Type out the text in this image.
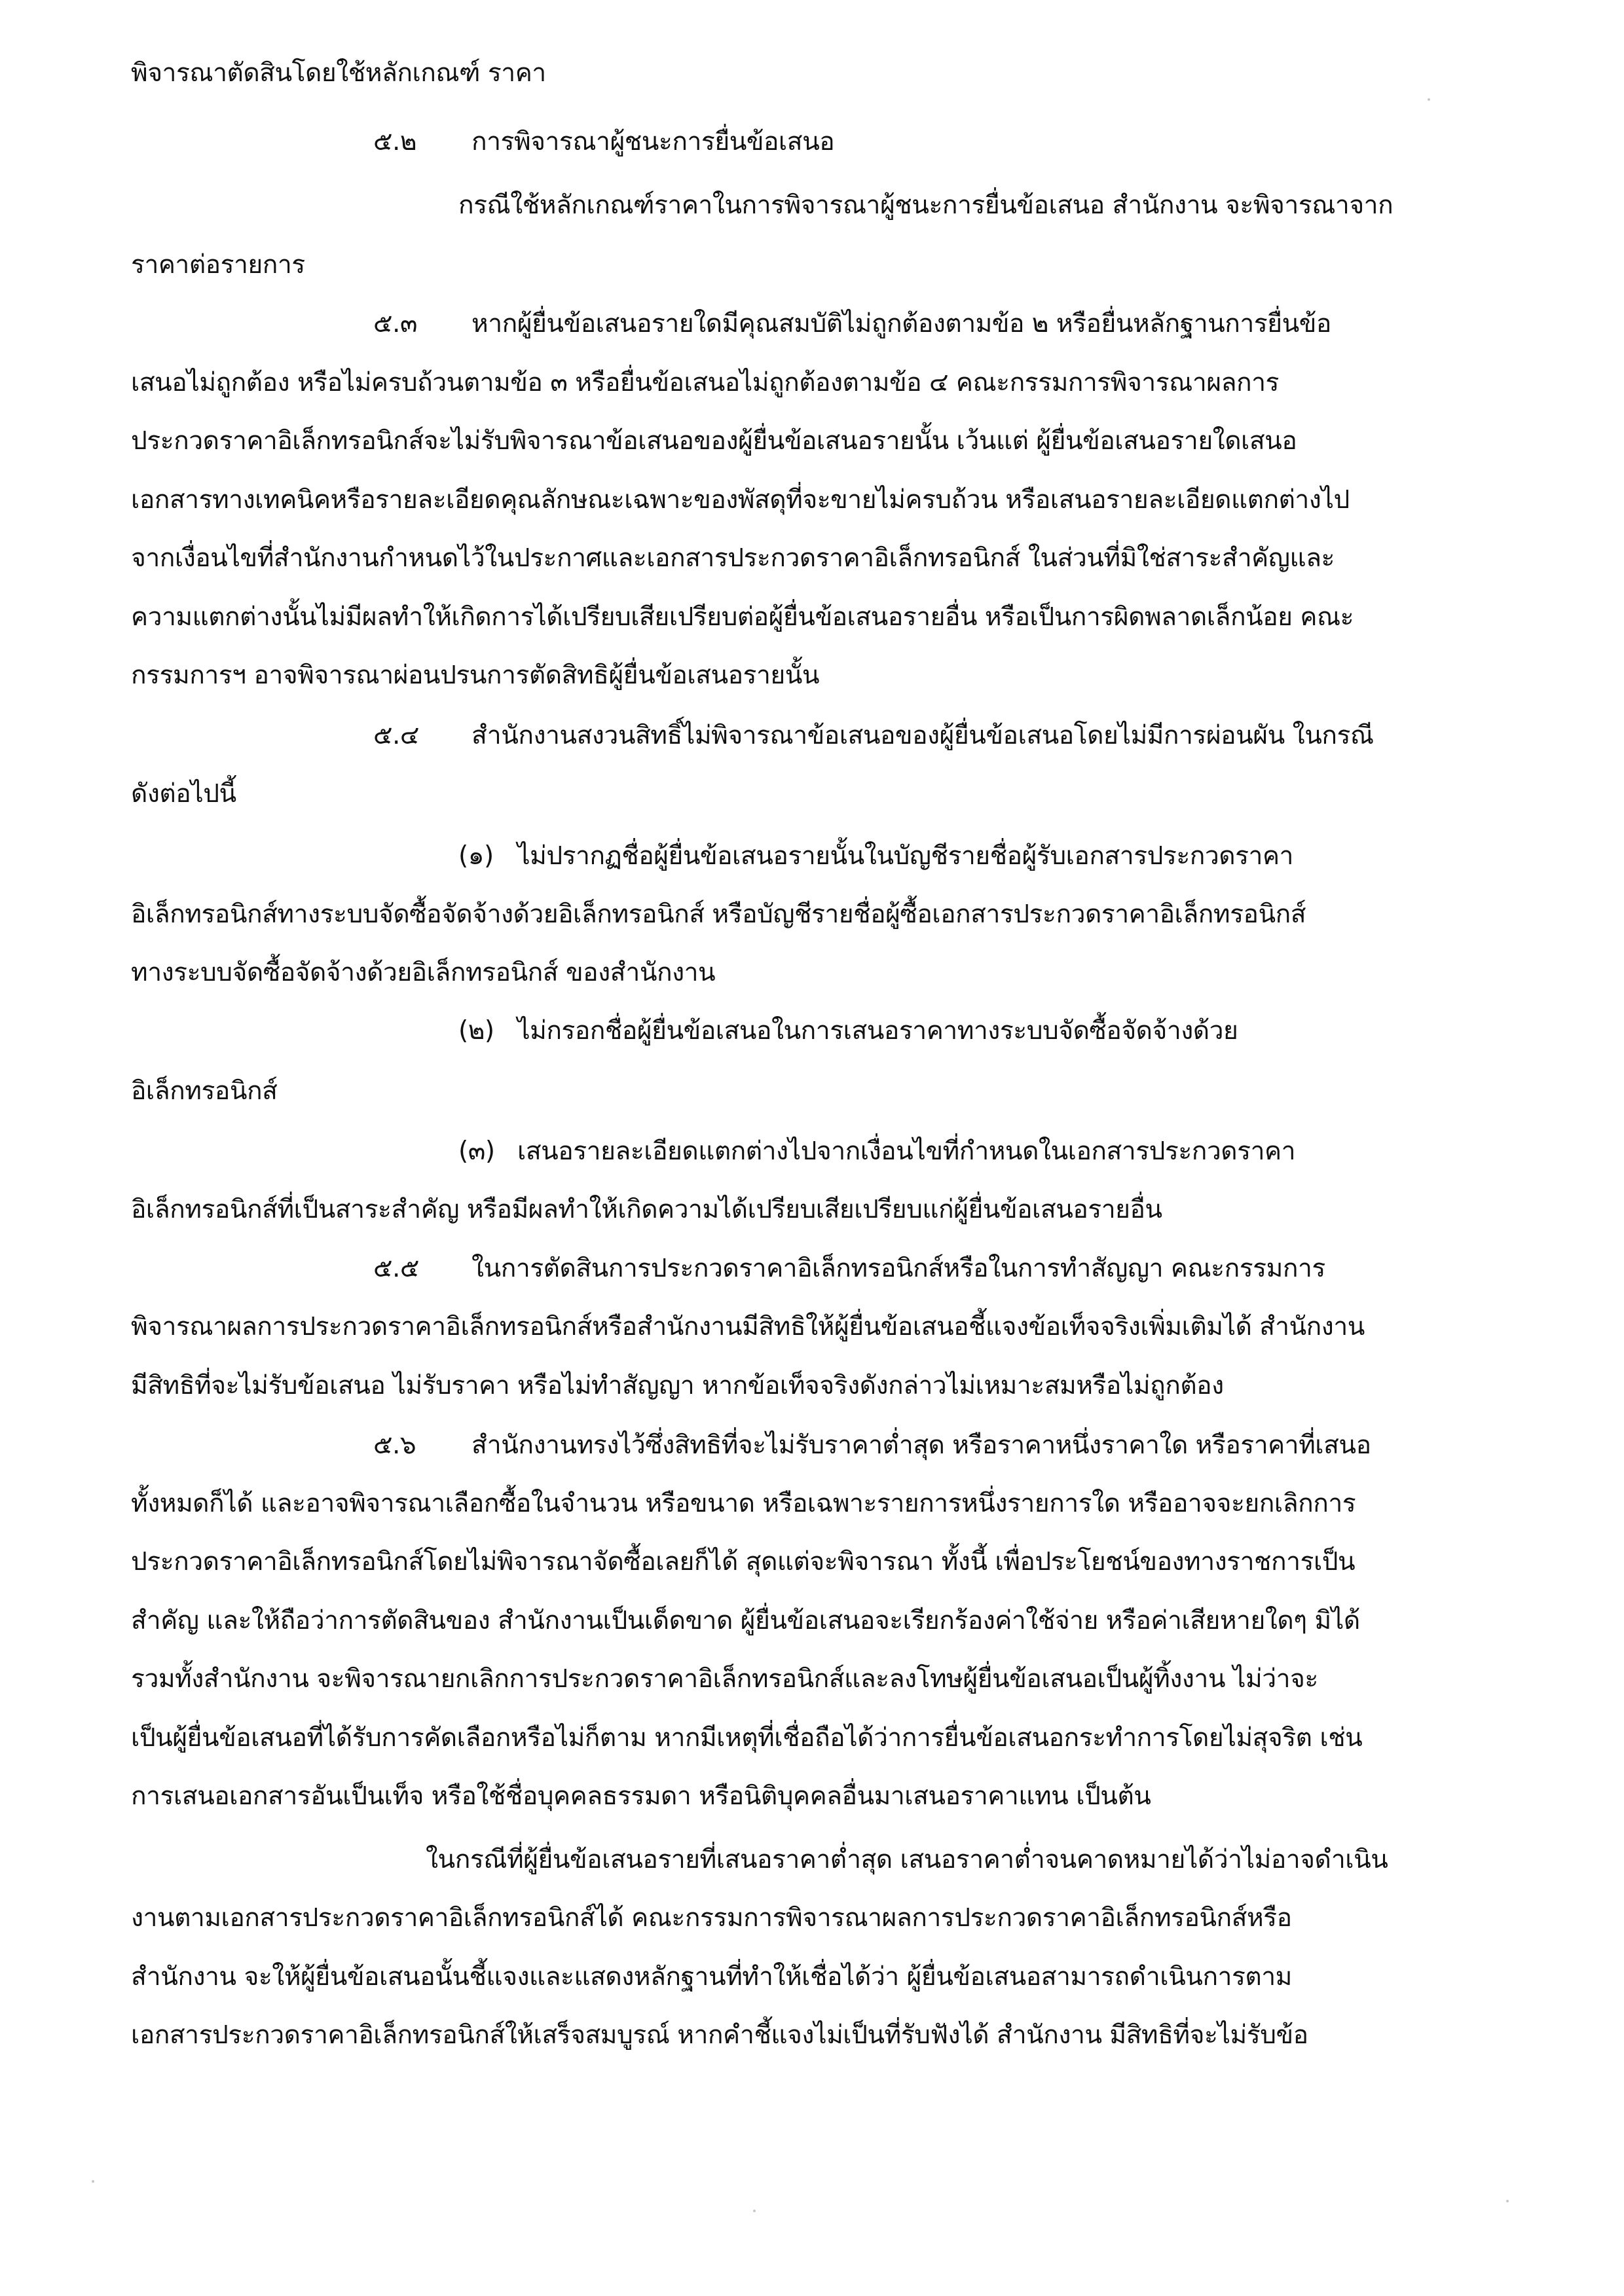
พิจารณาตัดสินโดยใช้หลักเกณฑ์ ราคา
๕.๒ การพิจารณาผู้ชนะการยื่นข้อเสนอ
กรณีใช้หลักเกณฑ์ราคาในการพิจารณาผู้ชนะการยื่นข้อเสนอ สำนักงาน จะพิจารณาจาก
ราคาต่อรายการ
๕.๓ หากผู้ยื่นข้อเสนอรายใดมีคุณสมบัติไม่ถูกต้องตามข้อ ๒ หรือยื่นหลักฐานการยื่นข้อ
เสนอไม่ถูกต้อง หรือไม่ครบถ้วนตามข้อ ๓ หรือยื่นข้อเสนอไม่ถูกต้องตามข้อ ๔ คณะกรรมการพิจารณาผลการ
ประกวดราคาอิเล็กทรอนิกส์จะไม่รับพิจารณาข้อเสนอของผู้ยื่นข้อเสนอรายนั้น เว้นแต่ ผู้ยื่นข้อเสนอรายใดเสนอ
เอกสารทางเทคนิคหรือรายละเอียดคุณลักษณะเฉพาะของพัสดุที่จะขายไม่ครบถ้วน หรือเสนอรายละเอียดแตกต่างไป
จากเงื่อนไขที่สำนักงานกำหนดไว้ในประกาศและเอกสารประกวดราคาอิเล็กทรอนิกส์ ในส่วนที่มิใช่สาระสำคัญและ
ความแตกต่างนั้นไม่มีผลทำให้เกิดการได้เปรียบเสียเปรียบต่อผู้ยื่นข้อเสนอรายอื่น หรือเป็นการผิดพลาดเล็กน้อย คณะ
กรรมการฯ อาจพิจารณาผ่อนปรนการตัดสิทธิผู้ยื่นข้อเสนอรายนั้น
๕.๔ สำนักงานสงวนสิทธิ์ไม่พิจารณาข้อเสนอของผู้ยื่นข้อเสนอโดยไม่มีการผ่อนผัน ในกรณี
ดังต่อไปนี้
(๑) ไม่ปรากฏชื่อผู้ยื่นข้อเสนอรายนั้นในบัญชีรายชื่อผู้รับเอกสารประกวดราคา
อิเล็กทรอนิกส์ทางระบบจัดซื้อจัดจ้างด้วยอิเล็กทรอนิกส์ หรือบัญชีรายชื่อผู้ซื้อเอกสารประกวดราคาอิเล็กทรอนิกส์
ทางระบบจัดซื้อจัดจ้างด้วยอิเล็กทรอนิกส์ ของสำนักงาน
(๒) ไม่กรอกชื่อผู้ยื่นข้อเสนอในการเสนอราคาทางระบบจัดซื้อจัดจ้างด้วย
อิเล็กทรอนิกส์
(๓) เสนอรายละเอียดแตกต่างไปจากเงื่อนไขที่กำหนดในเอกสารประกวดราคา
อิเล็กทรอนิกส์ที่เป็นสาระสำคัญ หรือมีผลทำให้เกิดความได้เปรียบเสียเปรียบแก่ผู้ยื่นข้อเสนอรายอื่น
๕.๕ ในการตัดสินการประกวดราคาอิเล็กทรอนิกส์หรือในการทำสัญญา คณะกรรมการ
พิจารณาผลการประกวดราคาอิเล็กทรอนิกส์หรือสำนักงานมีสิทธิให้ผู้ยื่นข้อเสนอชี้แจงข้อเท็จจริงเพิ่มเติมได้ สำนักงาน
มีสิทธิที่จะไม่รับข้อเสนอ ไม่รับราคา หรือไม่ทำสัญญา หากข้อเท็จจริงดังกล่าวไม่เหมาะสมหรือไม่ถูกต้อง
๕.๖ สำนักงานทรงไว้ซึ่งสิทธิที่จะไม่รับราคาต่ำสุด หรือราคาหนึ่งราคาใด หรือราคาที่เสนอ
ทั้งหมดก็ได้ และอาจพิจารณาเลือกซื้อในจำนวน หรือขนาด หรือเฉพาะรายการหนึ่งรายการใด หรืออาจจะยกเลิกการ
ประกวดราคาอิเล็กทรอนิกส์โดยไม่พิจารณาจัดซื้อเลยก็ได้ สุดแต่จะพิจารณา ทั้งนี้ เพื่อประโยชน์ของทางราชการเป็น
สำคัญ และให้ถือว่าการตัดสินของ สำนักงานเป็นเด็ดขาด ผู้ยื่นข้อเสนอจะเรียกร้องค่าใช้จ่าย หรือค่าเสียหายใดๆ มิได้
รวมทั้งสำนักงาน จะพิจารณายกเลิกการประกวดราคาอิเล็กทรอนิกส์และลงโทษผู้ยื่นข้อเสนอเป็นผู้ทิ้งงาน ไม่ว่าจะ
เป็นผู้ยื่นข้อเสนอที่ได้รับการคัดเลือกหรือไม่ก็ตาม หากมีเหตุที่เชื่อถือได้ว่าการยื่นข้อเสนอกระทำการโดยไม่สุจริต เช่น
การเสนอเอกสารอันเป็นเท็จ หรือใช้ชื่อบุคคลธรรมดา หรือนิติบุคคลอื่นมาเสนอราคาแทน เป็นต้น
ในกรณีที่ผู้ยื่นข้อเสนอรายที่เสนอราคาต่ำสุด เสนอราคาต่ำจนคาดหมายได้ว่าไม่อาจดำเนิน
งานตามเอกสารประกวดราคาอิเล็กทรอนิกส์ได้ คณะกรรมการพิจารณาผลการประกวดราคาอิเล็กทรอนิกส์หรือ
สำนักงาน จะให้ผู้ยื่นข้อเสนอนั้นชี้แจงและแสดงหลักฐานที่ทำให้เชื่อได้ว่า ผู้ยื่นข้อเสนอสามารถดำเนินการตาม
เอกสารประกวดราคาอิเล็กทรอนิกส์ให้เสร็จสมบูรณ์ หากคำชี้แจงไม่เป็นที่รับฟังได้ สำนักงาน มีสิทธิที่จะไม่รับข้อ
